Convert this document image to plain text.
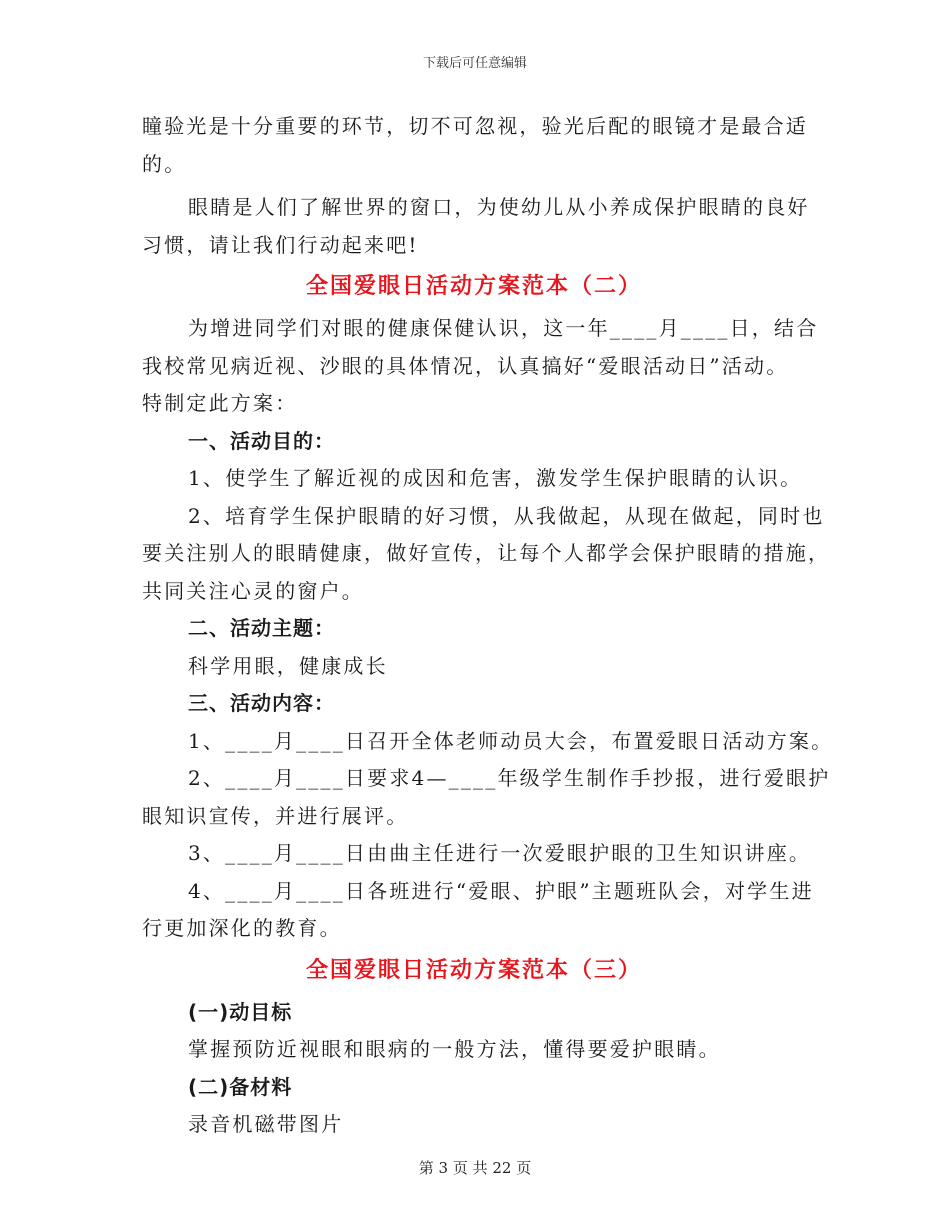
下载后可任意编辑
瞳验光是十分重要的环节，切不可忽视，验光后配的眼镜才是最合适
的。
眼睛是人们了解世界的窗口，为使幼儿从小养成保护眼睛的良好
习惯，请让我们行动起来吧!
全国爱眼日活动方案范本（二）
为增进同学们对眼的健康保健认识，这一年____月____日，结合
我校常见病近视、沙眼的具体情况，认真搞好“爱眼活动日”活动。
特制定此方案：
一、活动目的：
1、使学生了解近视的成因和危害，激发学生保护眼睛的认识。
2、培育学生保护眼睛的好习惯，从我做起，从现在做起，同时也
要关注别人的眼睛健康，做好宣传，让每个人都学会保护眼睛的措施，
共同关注心灵的窗户。
二、活动主题：
科学用眼，健康成长
三、活动内容：
1、____月____日召开全体老师动员大会，布置爱眼日活动方案。
2、____月____日要求4—____年级学生制作手抄报，进行爱眼护
眼知识宣传，并进行展评。
3、____月____日由曲主任进行一次爱眼护眼的卫生知识讲座。
4、____月____日各班进行“爱眼、护眼”主题班队会，对学生进
行更加深化的教育。
全国爱眼日活动方案范本（三）
(一)动目标
掌握预防近视眼和眼病的一般方法，懂得要爱护眼睛。
(二)备材料
录音机磁带图片
第 3 页 共 22 页
